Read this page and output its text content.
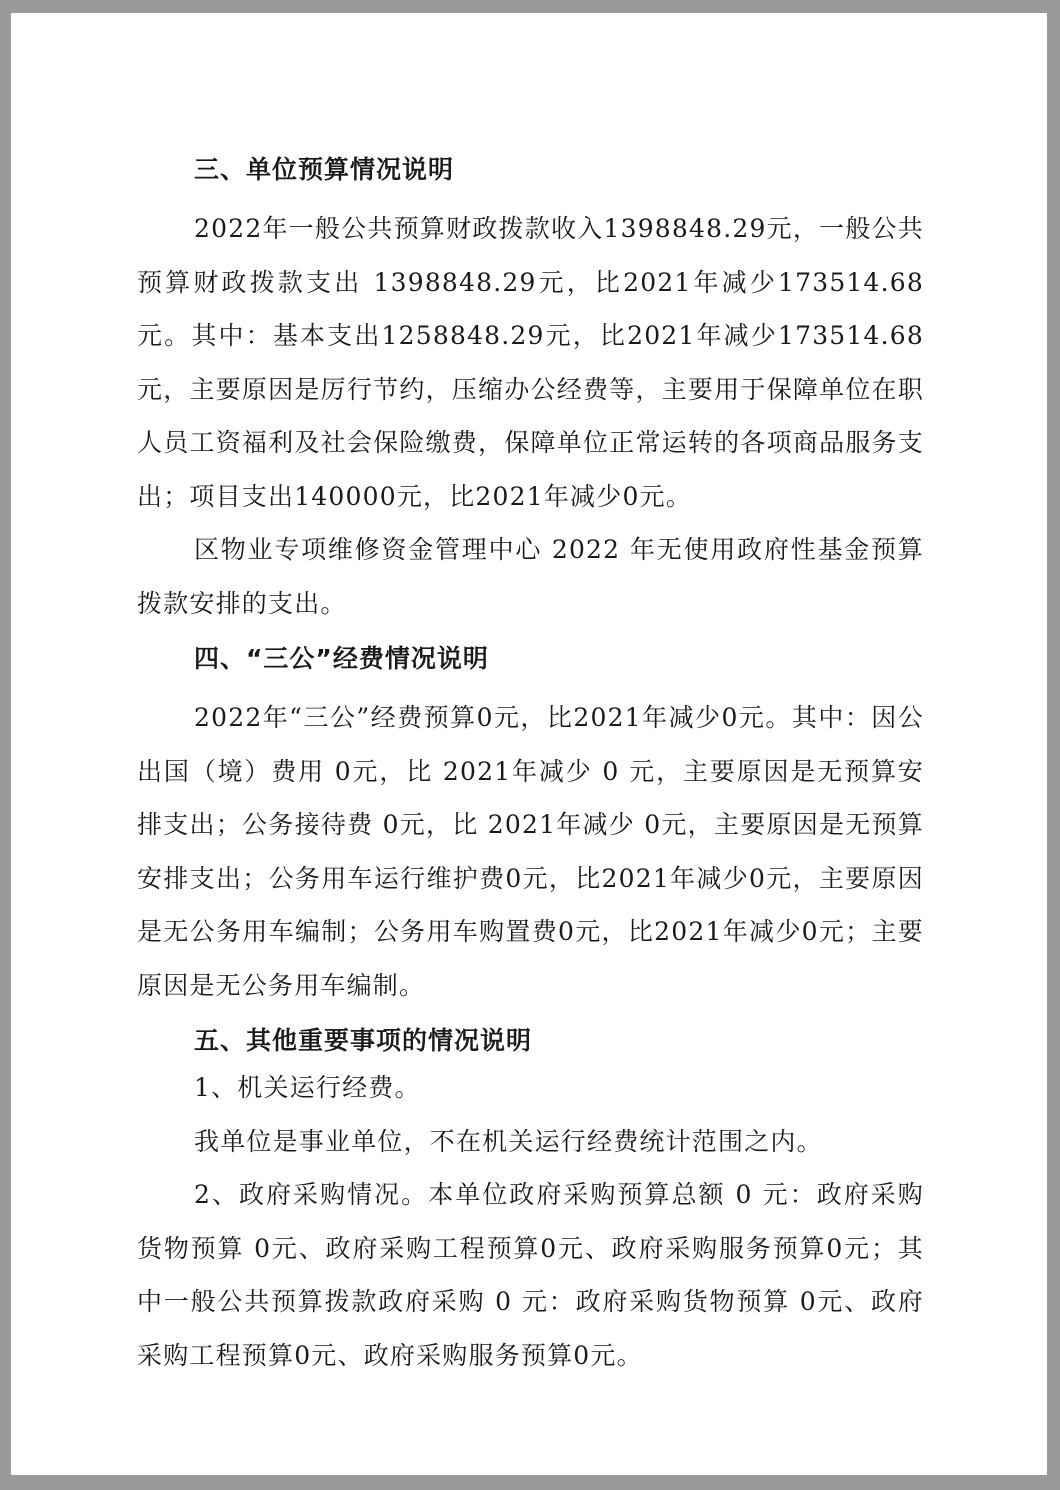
三、单位预算情况说明

2022年一般公共预算财政拨款收入1398848.29元，一般公共预算财政拨款支出 1398848.29元，比2021年减少173514.68 元。其中：基本支出1258848.29元，比2021年减少173514.68元，主要原因是厉行节约，压缩办公经费等，主要用于保障单位在职人员工资福利及社会保险缴费，保障单位正常运转的各项商品服务支出；项目支出140000元，比2021年减少0元。

区物业专项维修资金管理中心 2022 年无使用政府性基金预算拨款安排的支出。

四、“三公”经费情况说明

2022年“三公”经费预算0元，比2021年减少0元。其中：因公出国（境）费用 0元，比 2021年减少 0 元，主要原因是无预算安排支出；公务接待费 0元，比 2021年减少 0元，主要原因是无预算安排支出；公务用车运行维护费0元，比2021年减少0元，主要原因是无公务用车编制；公务用车购置费0元，比2021年减少0元；主要原因是无公务用车编制。

五、其他重要事项的情况说明

1、机关运行经费。

我单位是事业单位，不在机关运行经费统计范围之内。

2、政府采购情况。本单位政府采购预算总额 0 元：政府采购货物预算 0元、政府采购工程预算0元、政府采购服务预算0元；其中一般公共预算拨款政府采购 0 元：政府采购货物预算 0元、政府采购工程预算0元、政府采购服务预算0元。
